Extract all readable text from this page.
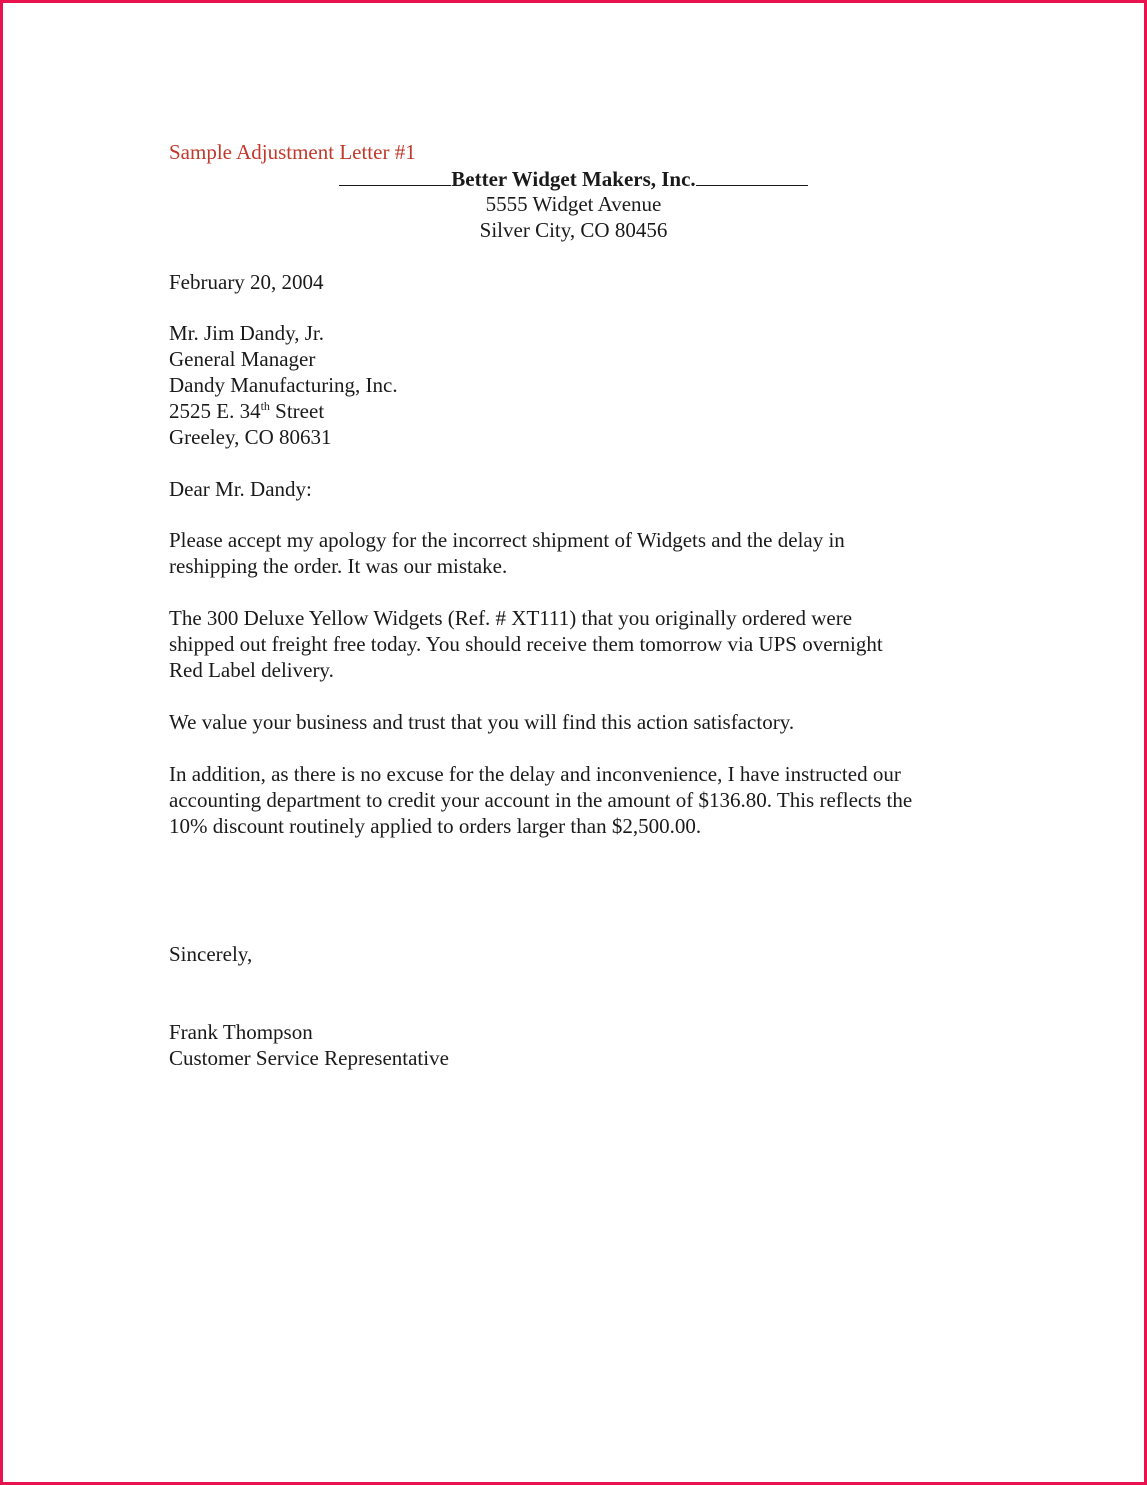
Sample Adjustment Letter #1
Better Widget Makers, Inc.
5555 Widget Avenue
Silver City, CO 80456
February 20, 2004
Mr. Jim Dandy, Jr.
General Manager
Dandy Manufacturing, Inc.
2525 E. 34th Street
Greeley, CO 80631
Dear Mr. Dandy:
Please accept my apology for the incorrect shipment of Widgets and the delay in
reshipping the order. It was our mistake.
The 300 Deluxe Yellow Widgets (Ref. # XT111) that you originally ordered were
shipped out freight free today. You should receive them tomorrow via UPS overnight
Red Label delivery.
We value your business and trust that you will find this action satisfactory.
In addition, as there is no excuse for the delay and inconvenience, I have instructed our
accounting department to credit your account in the amount of $136.80. This reflects the
10% discount routinely applied to orders larger than $2,500.00.
Sincerely,
Frank Thompson
Customer Service Representative
